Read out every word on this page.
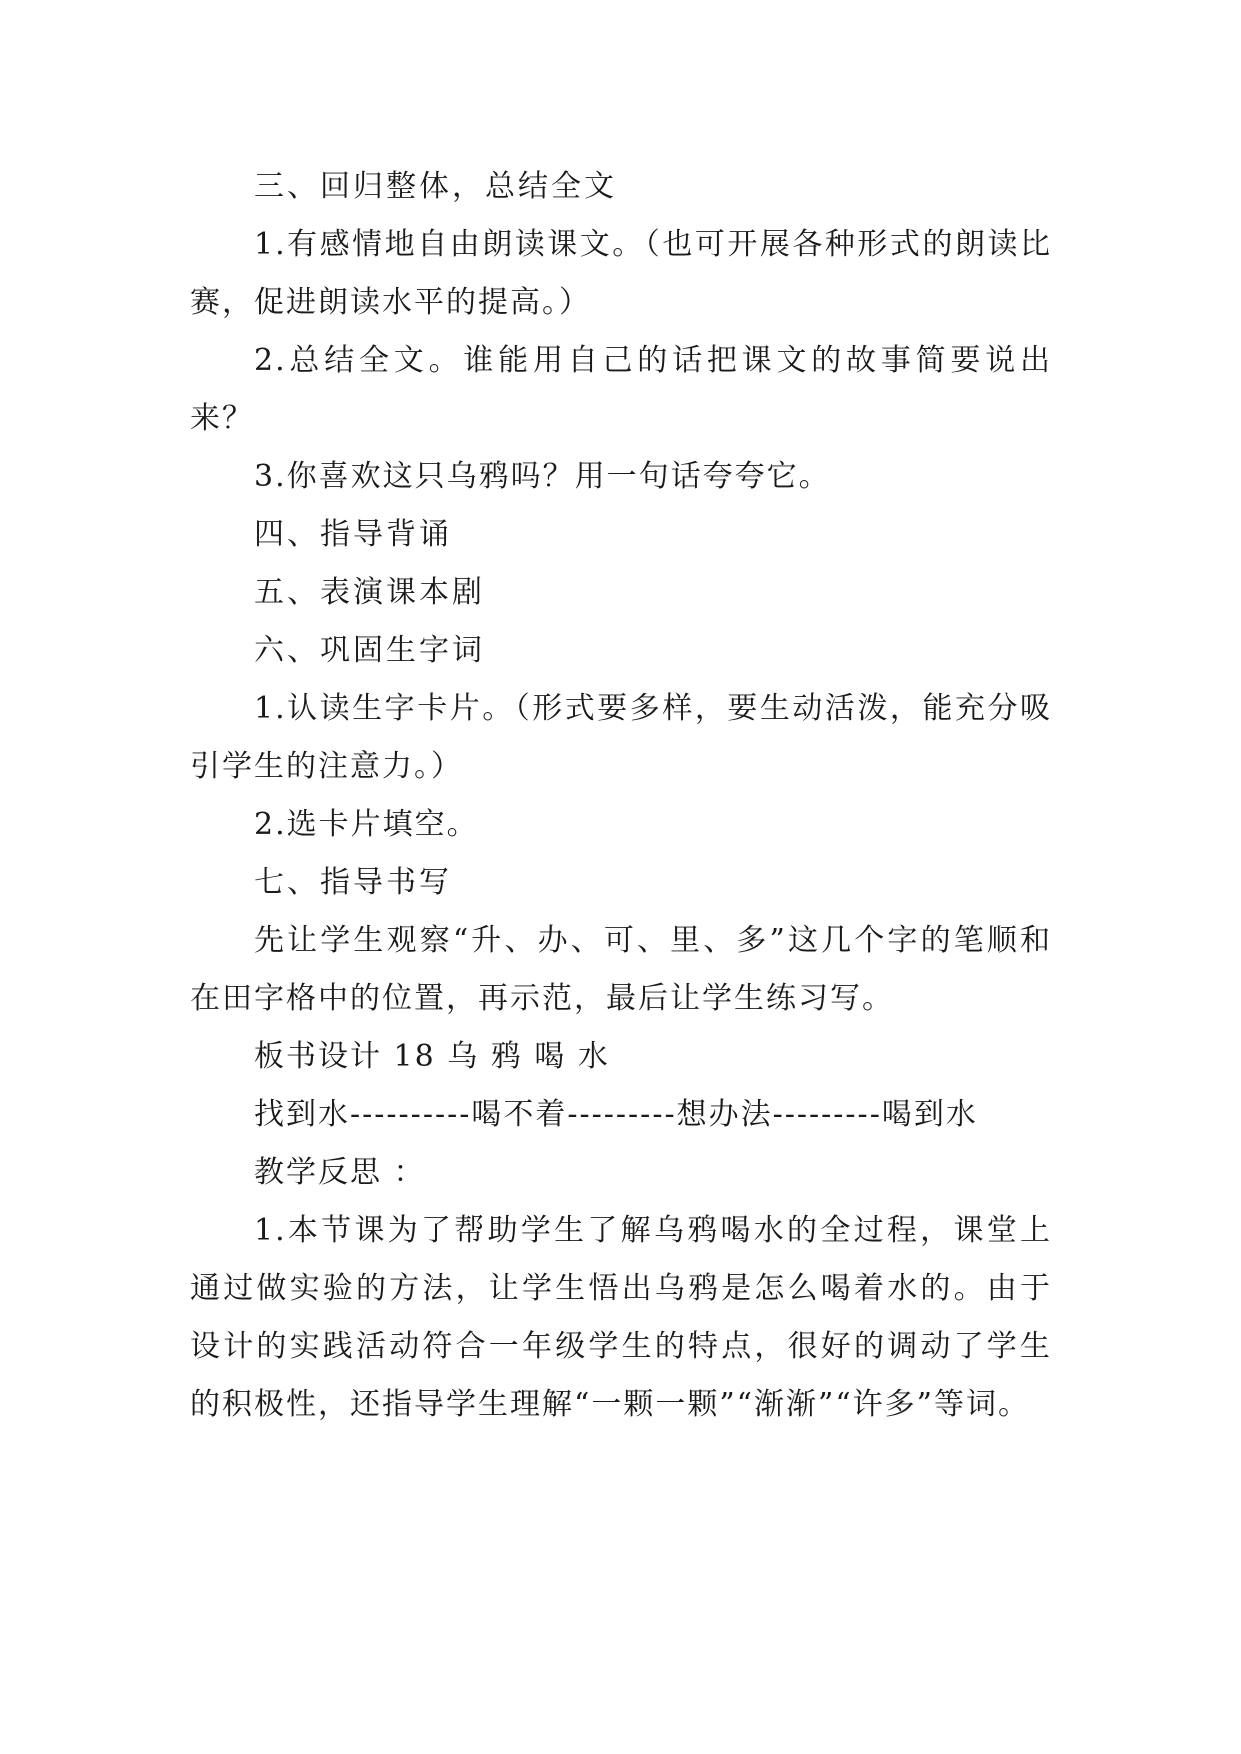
三、回归整体，总结全文

1.有感情地自由朗读课文。（也可开展各种形式的朗读比赛，促进朗读水平的提高。）

2.总结全文。谁能用自己的话把课文的故事简要说出来？

3.你喜欢这只乌鸦吗？用一句话夸夸它。

四、指导背诵

五、表演课本剧

六、巩固生字词

1.认读生字卡片。（形式要多样，要生动活泼，能充分吸引学生的注意力。）

2.选卡片填空。

七、指导书写

先让学生观察“升、办、可、里、多”这几个字的笔顺和在田字格中的位置，再示范，最后让学生练习写。

板书设计 18 乌 鸦 喝 水

找到水----------喝不着---------想办法---------喝到水

教学反思 ：

1.本节课为了帮助学生了解乌鸦喝水的全过程，课堂上通过做实验的方法，让学生悟出乌鸦是怎么喝着水的。由于设计的实践活动符合一年级学生的特点，很好的调动了学生的积极性，还指导学生理解“一颗一颗”“渐渐”“许多”等词。
